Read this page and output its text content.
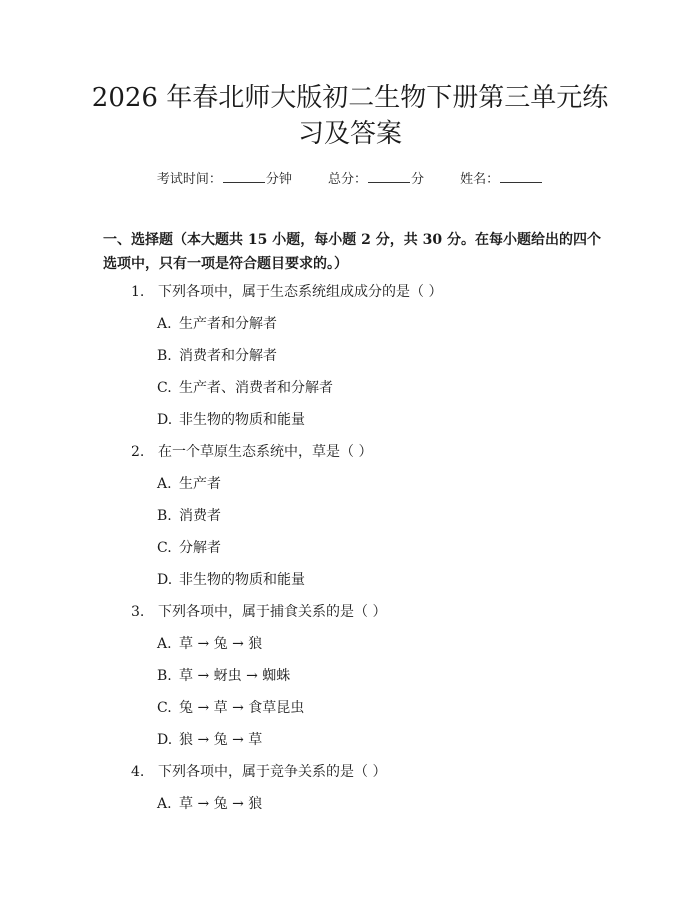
2026 年春北师大版初二生物下册第三单元练
习及答案
考试时间：	分钟	总分：	分	姓名：
一、选择题（本大题共 15 小题，每小题 2 分，共 30 分。在每小题给出的四个选项中，只有一项是符合题目要求的。）
1. 下列各项中，属于生态系统组成成分的是（ ）
A. 生产者和分解者
B. 消费者和分解者
C. 生产者、消费者和分解者
D. 非生物的物质和能量
2. 在一个草原生态系统中，草是（ ）
A. 生产者
B. 消费者
C. 分解者
D. 非生物的物质和能量
3. 下列各项中，属于捕食关系的是（ ）
A. 草 → 兔 → 狼
B. 草 → 蚜虫 → 蜘蛛
C. 兔 → 草 → 食草昆虫
D. 狼 → 兔 → 草
4. 下列各项中，属于竞争关系的是（ ）
A. 草 → 兔 → 狼
